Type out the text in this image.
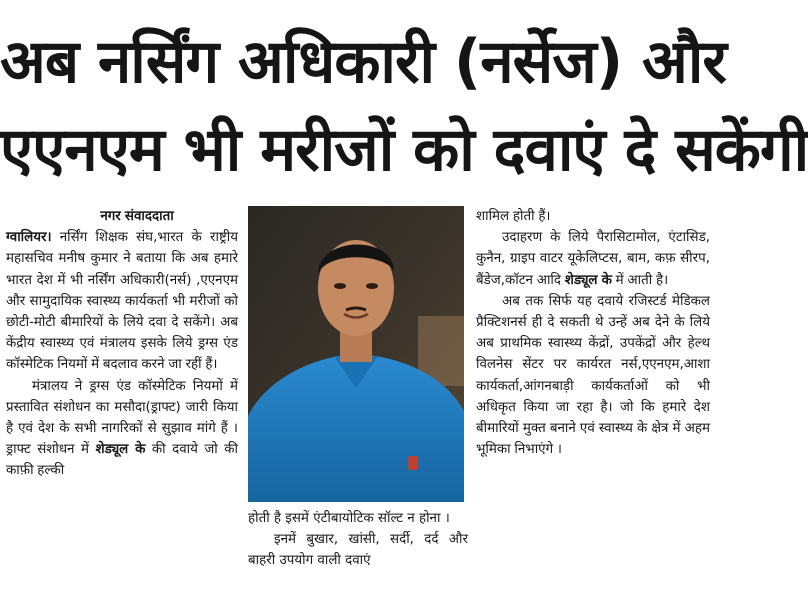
अब नर्सिंग अधिकारी (नर्सेज) और
एएनएम भी मरीजों को दवाएं दे सकेंगी

नगर संवाददाता

ग्वालियर। नर्सिंग शिक्षक संघ,भारत के राष्ट्रीय महासचिव मनीष कुमार ने बताया कि अब हमारे भारत देश में भी नर्सिंग अधिकारी(नर्स) ,एएनएम और सामुदायिक स्वास्थ्य कार्यकर्ता भी मरीजों को छोटी-मोटी बीमारियों के लिये दवा दे सकेंगे। अब केंद्रीय स्वास्थ्य एवं मंत्रालय इसके लिये ड्रग्स एंड कॉस्मेटिक नियमों में बदलाव करने जा रहीं हैं।

मंत्रालय ने ड्रग्स एंड कॉस्मेटिक नियमों में प्रस्तावित संशोधन का मसौदा(ड्राफ्ट) जारी किया है एवं देश के सभी नागरिकों से सुझाव मांगे हैं । ड्राफ्ट संशोधन में शेड्यूल के की दवाये जो की काफ़ी हल्की

होती है इसमें एंटीबायोटिक सॉल्ट न होना ।

इनमें बुखार, खांसी, सर्दी, दर्द और बाहरी उपयोग वाली दवाएं

शामिल होती हैं।

उदाहरण के लिये पैरासिटामोल, एंटासिड, कुनैन, ग्राइप वाटर यूकेलिप्टस, बाम, कफ़ सीरप, बैंडेज,कॉटन आदि शेड्यूल के में आती है।

अब तक सिर्फ यह दवाये रजिस्टर्ड मेडिकल प्रैक्टिशनर्स ही दे सकती थे उन्हें अब देने के लिये अब प्राथमिक स्वास्थ्य केंद्रों, उपकेंद्रों और हेल्थ विलनेस सेंटर पर कार्यरत नर्स,एएनएम,आशा कार्यकर्ता,आंगनबाड़ी कार्यकर्ताओं को भी अधिकृत किया जा रहा है। जो कि हमारे देश बीमारियों मुक्त बनाने एवं स्वास्थ्य के क्षेत्र में अहम भूमिका निभाएंगे ।
